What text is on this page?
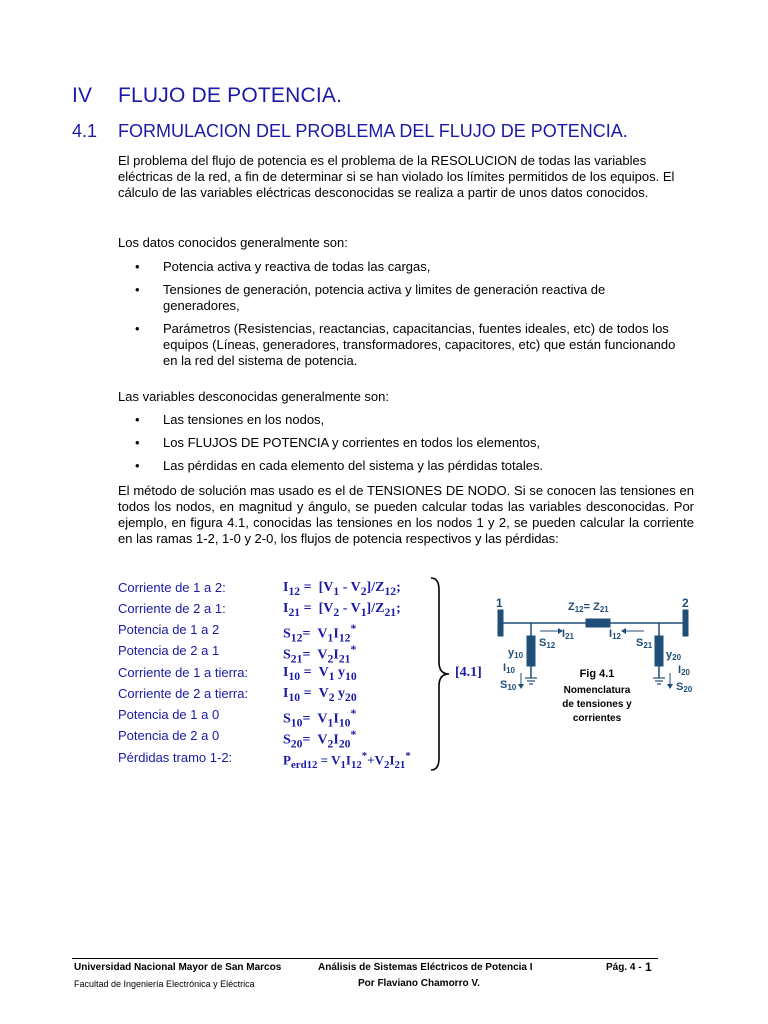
IV FLUJO DE POTENCIA.
4.1 FORMULACION DEL PROBLEMA DEL FLUJO DE POTENCIA.
El problema del flujo de potencia es el problema de la RESOLUCION de todas las variables eléctricas de la red, a fin de determinar si se han violado los límites permitidos de los equipos. El cálculo de las variables eléctricas desconocidas se realiza a partir de unos datos conocidos.
Los datos conocidos generalmente son:
• Potencia activa y reactiva de todas las cargas,
• Tensiones de generación, potencia activa y limites de generación reactiva de generadores,
• Parámetros (Resistencias, reactancias, capacitancias, fuentes ideales, etc) de todos los equipos (Líneas, generadores, transformadores, capacitores, etc) que están funcionando en la red del sistema de potencia.
Las variables desconocidas generalmente son:
• Las tensiones en los nodos,
• Los FLUJOS DE POTENCIA y corrientes en todos los elementos,
• Las pérdidas en cada elemento del sistema y las pérdidas totales.
El método de solución mas usado es el de TENSIONES DE NODO. Si se conocen las tensiones en todos los nodos, en magnitud y ángulo, se pueden calcular todas las variables desconocidas. Por ejemplo, en figura 4.1, conocidas las tensiones en los nodos 1 y 2, se pueden calcular la corriente en las ramas 1-2, 1-0 y 2-0, los flujos de potencia respectivos y las pérdidas:
Corriente de 1 a 2:	$I_{12} = [V_1 - V_2]/Z_{12}$;
Corriente de 2 a 1:	$I_{21} = [V_2 - V_1]/Z_{21}$;
Potencia de 1 a 2	$S_{12}= V_1I_{12}^*$
Potencia de 2 a 1	$S_{21}= V_2I_{21}^*$
Corriente de 1 a tierra: $I_{10} = V_1$ $y_{10}$
Corriente de 2 a tierra: $I_{10} = V_2$ $y_{20}$
Potencia de 1 a 0	$S_{10}= V_1I_{10}^*$
Potencia de 2 a 0	$S_{20}= V_2I_{20}^*$
Pérdidas tramo 1-2:	$P_{erd12} = V_1I_{12}^*+V_2I_{21}^*$
[4.1]
1	2
Z12= Z21
I21
S12
I12
S21
y10
I10
S10
y20
I20
S20
Fig 4.1
Nomenclatura
de tensiones y
corrientes
Universidad Nacional Mayor de San Marcos
Facultad de Ingeniería Electrónica y Eléctrica
Análisis de Sistemas Eléctricos de Potencia I
Por Flaviano Chamorro V.
Pág. 4 - 1
